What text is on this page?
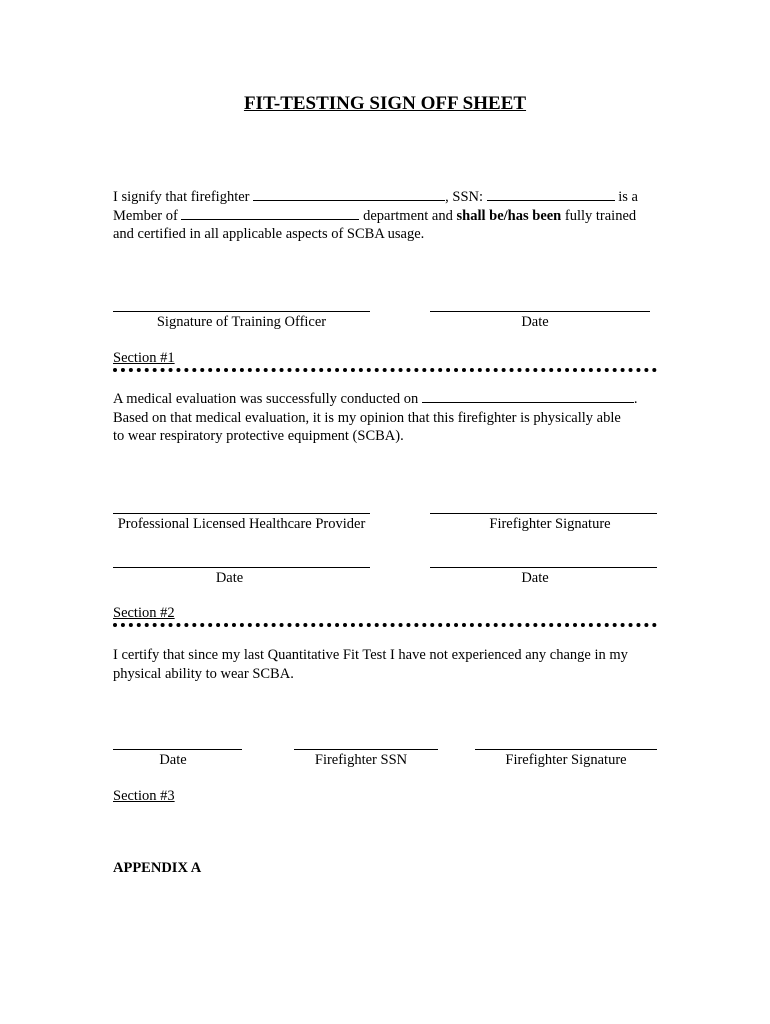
FIT-TESTING SIGN OFF SHEET
I signify that firefighter	, SSN:	is a
Member of	department and shall be/has been fully trained
and certified in all applicable aspects of SCBA usage.
Signature of Training Officer	Date
Section #1
A medical evaluation was successfully conducted on	.
Based on that medical evaluation, it is my opinion that this firefighter is physically able
to wear respiratory protective equipment (SCBA).
Professional Licensed Healthcare Provider	Firefighter Signature
Date	Date
Section #2
I certify that since my last Quantitative Fit Test I have not experienced any change in my
physical ability to wear SCBA.
Date	Firefighter SSN	Firefighter Signature
Section #3
APPENDIX A
